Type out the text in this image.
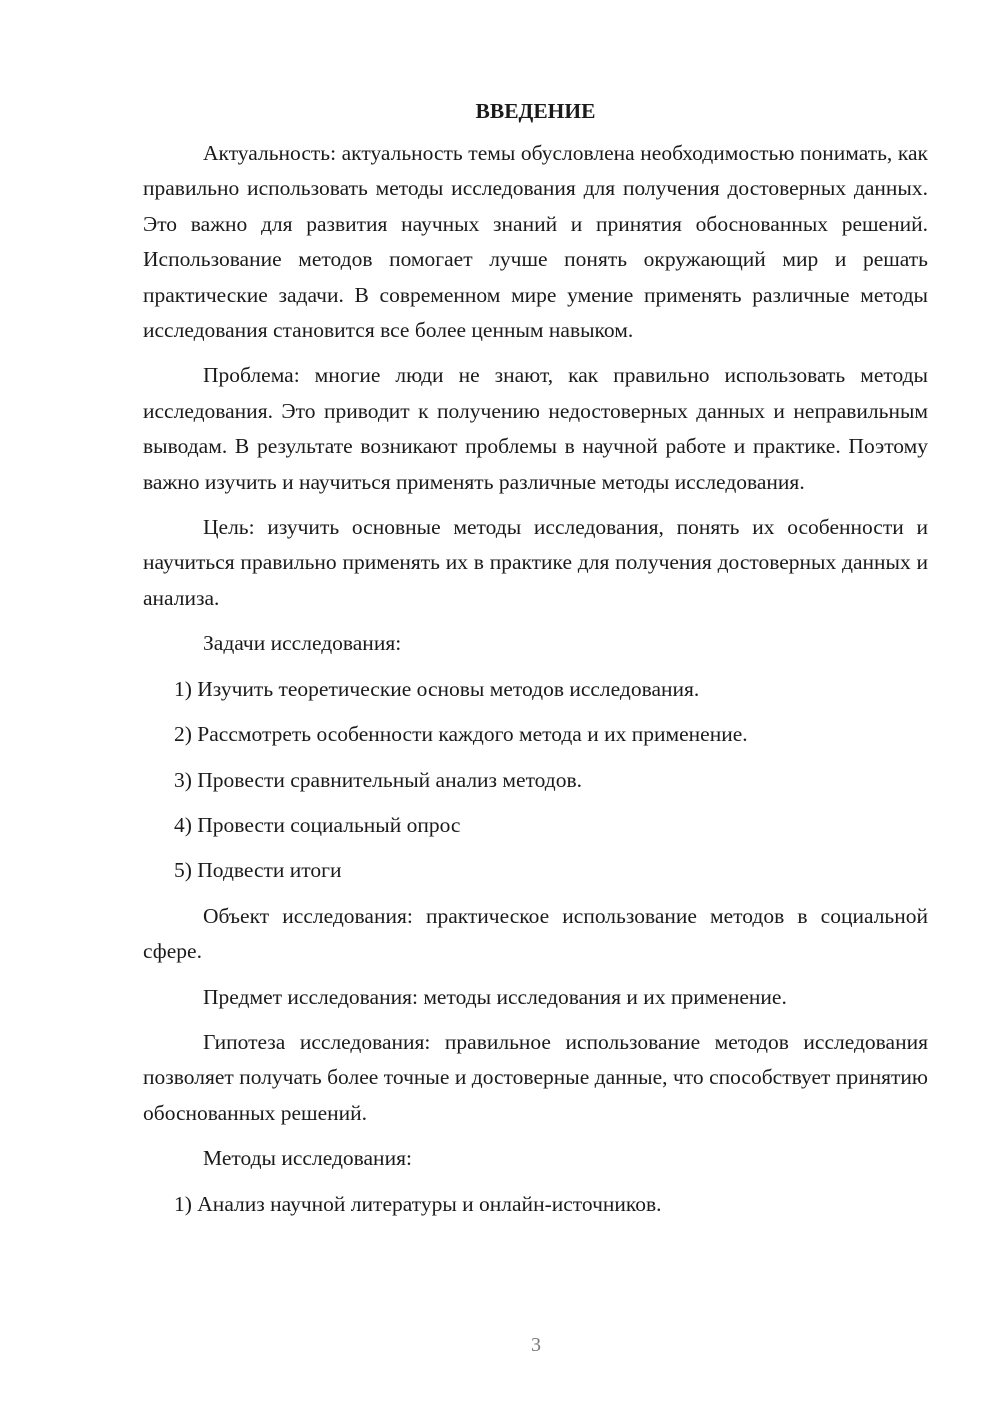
ВВЕДЕНИЕ

Актуальность: актуальность темы обусловлена необходимостью понимать, как правильно использовать методы исследования для получения достоверных данных. Это важно для развития научных знаний и принятия обоснованных решений. Использование методов помогает лучше понять окружающий мир и решать практические задачи. В современном мире умение применять различные методы исследования становится все более ценным навыком.

Проблема: многие люди не знают, как правильно использовать методы исследования. Это приводит к получению недостоверных данных и неправильным выводам. В результате возникают проблемы в научной работе и практике. Поэтому важно изучить и научиться применять различные методы исследования.

Цель: изучить основные методы исследования, понять их особенности и научиться правильно применять их в практике для получения достоверных данных и анализа.

Задачи исследования:

1) Изучить теоретические основы методов исследования.
2) Рассмотреть особенности каждого метода и их применение.
3) Провести сравнительный анализ методов.
4) Провести социальный опрос
5) Подвести итоги

Объект исследования: практическое использование методов в социальной сфере.

Предмет исследования: методы исследования и их применение.

Гипотеза исследования: правильное использование методов исследования позволяет получать более точные и достоверные данные, что способствует принятию обоснованных решений.

Методы исследования:

1) Анализ научной литературы и онлайн-источников.
3
